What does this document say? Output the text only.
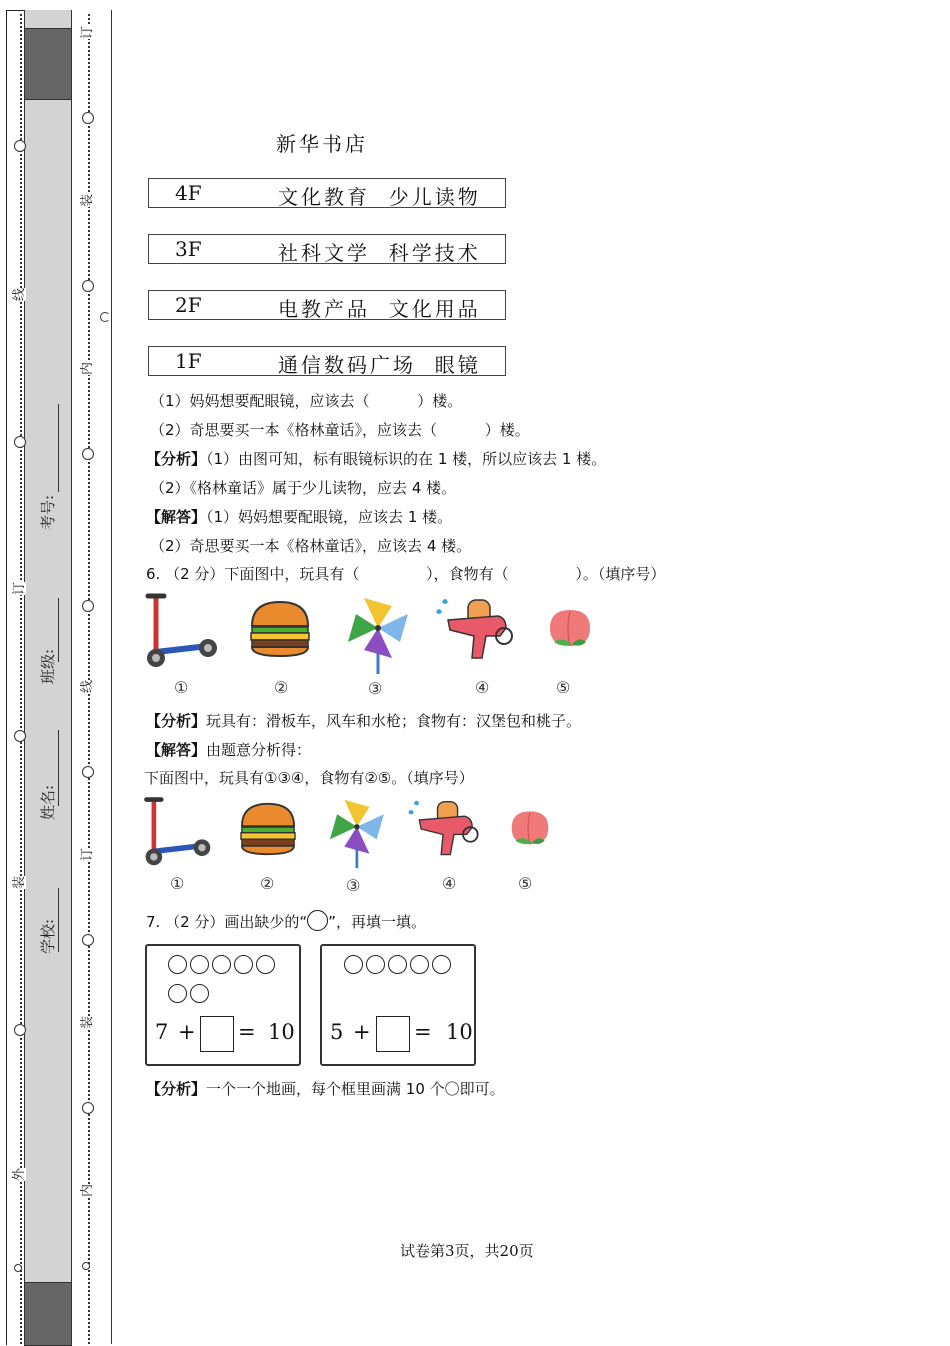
外
装
订
线
订
装
内
线
订
装
内
学校:
姓名:
班级:
考号:
新华书店
4F	文化教育  少儿读物
3F	社科文学  科学技术
2F	电教产品  文化用品
1F	通信数码广场  眼镜
（1）妈妈想要配眼镜，应该去（          ）楼。
（2）奇思要买一本《格林童话》，应该去（          ）楼。
【分析】（1）由图可知，标有眼镜标识的在 1 楼，所以应该去 1 楼。
（2）《格林童话》属于少儿读物，应去 4 楼。
【解答】（1）妈妈想要配眼镜，应该去 1 楼。
（2）奇思要买一本《格林童话》，应该去 4 楼。
6. （2 分）下面图中，玩具有（              ），食物有（              ）。（填序号）
①	②	③	④	⑤
【分析】玩具有：滑板车，风车和水枪；食物有：汉堡包和桃子。
【解答】由题意分析得：
下面图中，玩具有①③④，食物有②⑤。（填序号）
①	②	③	④	⑤
7. （2 分）画出缺少的“ ”，再填一填。
7 + = 10 5 + = 10
【分析】一个一个地画，每个框里画满 10 个〇即可。
试卷第3页，共20页
